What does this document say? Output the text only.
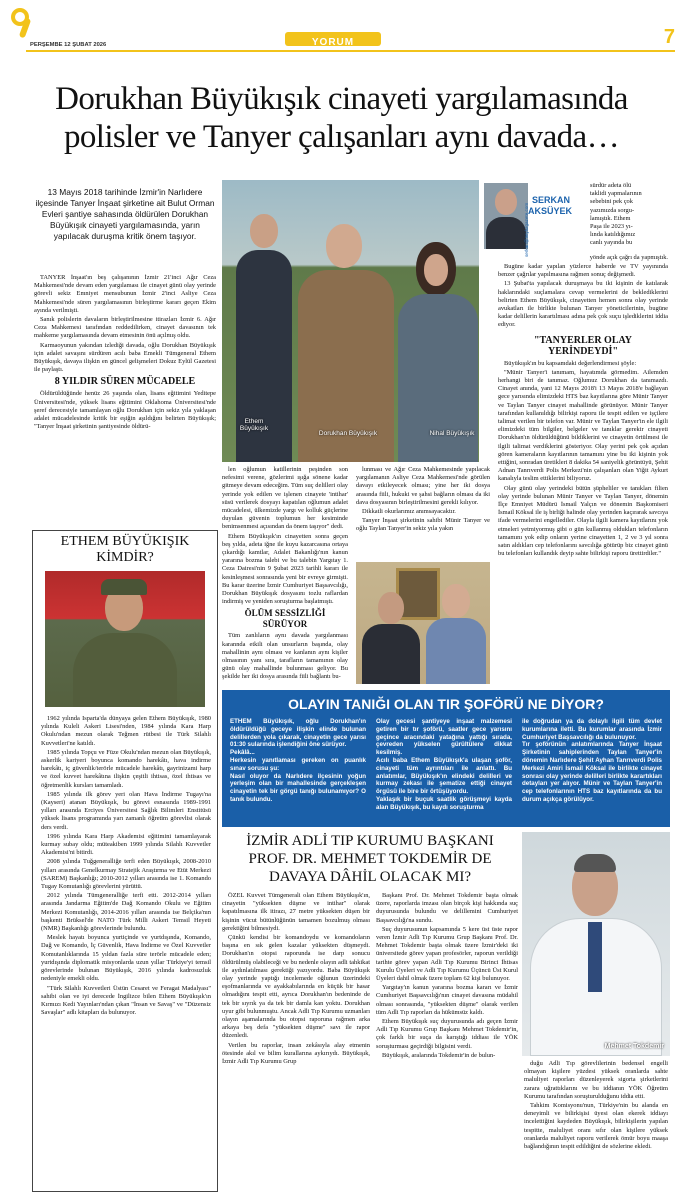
PERŞEMBE 12 ŞUBAT 2026	YORUM	7
Dorukhan Büyükışık cinayeti yargılamasında
polisler ve Tanyer çalışanları aynı davada…
13 Mayıs 2018 tarihinde İzmir'in Narlıdere ilçesinde Tanyer İnşaat şirketine ait Bulut Orman Evleri şantiye sahasında öldürülen Dorukhan Büyükışık cinayeti yargılamasında, yarın yapılacak duruşma kritik önem taşıyor.

TANYER İnşaat'ın beş çalışanının İzmir 21'inci Ağır Ceza Mahkemesi'nde devam eden yargılaması ile cinayet günü olay yerinde görevli sekiz Emniyet mensubunun İzmir 2'inci Asliye Ceza Mahkemesi'nde süren yargılamasının birleştirme kararı geçen Ekim ayında verilmişti.

Sanık polislerin davaların birleştirilmesine itirazları İzmir 6. Ağır Ceza Mahkemesi tarafından reddedilirken, cinayet davasının tek mahkeme yargılamasında devam etmesinin önü açılmış oldu.

Karmaoyunun yakından izlediği davada, oğlu Dorukhan Büyükışık için adalet savaşını sürdüren acılı baba Emekli Tümgeneral Ethem Büyükışık, davaya ilişkin en güncel gelişmeleri Dokuz Eylül Gazetesi ile paylaştı.

8 YILDIR SÜREN MÜCADELE

Öldürüldüğünde henüz 26 yaşında olan, lisans eğitimini Yeditepe Üniversitesi'nde, yüksek lisans eğitimini Oklahoma Üniversitesi'nde şeref derecesiyle tamamlayan oğlu Dorukhan için sekiz yıla yaklaşan adalet mücadelesinde kritik bir eşiğin aşıldığını belirten Büyükışık; "Tanyer İnşaat şirketinin şantiyesinde öldürü-

ETHEM BÜYÜKIŞIK
KİMDİR?

1962 yılında Isparta'da dünyaya gelen Ethem Büyükışık, 1980 yılında Kuleli Askeri Lisesi'nden, 1984 yılında Kara Harp Okulu'ndan mezun olarak Teğmen rütbesi ile Türk Silahlı Kuvvetleri'ne katıldı.

1985 yılında Topçu ve Füze Okulu'ndan mezun olan Büyükışık, askerlik kariyeri boyunca komando harekâtı, hava indirme harekâtı, iç güvenlik/terörle mücadele harekâtı, gayrinizami harp ve özel kuvvet harekâtına ilişkin çeşitli ihtisas, özel ihtisas ve öğretmenlik kursları tamamladı.

1985 yılında ilk görev yeri olan Hava İndirme Tugayı'na (Kayseri) atanan Büyükışık, bu görevi esnasında 1989-1991 yılları arasında Erciyes Üniversitesi Sağlık Bilimleri Enstitüsü yüksek lisans programında yarı zamanlı öğretim görevlisi olarak ders verdi.

1996 yılında Kara Harp Akademisi eğitimini tamamlayarak kurmay subay oldu; müteakiben 1999 yılında Silahlı Kuvvetler Akademisi'ni bitirdi.

2008 yılında Tuğgeneralliğe terfi eden Büyükışık, 2008-2010 yılları arasında Genelkurmay Stratejik Araştırma ve Etüt Merkezi (SAREM) Başkanlığı; 2010-2012 yılları arasında ise 1. Komando Tugay Komutanlığı görevlerini yürüttü.

2012 yılında Tümgeneralliğe terfi etti. 2012-2014 yılları arasında Jandarma Eğitim'de Dağ Komando Okulu ve Eğitim Merkezi Komutanlığı, 2014-2016 yılları arasında ise Belçika'nın başkenti Brüksel'de NATO Türk Milli Askeri Temsil Heyeti (NMR) Başkanlığı görevlerinde bulundu.

Meslek hayatı boyunca yurtiçinde ve yurtdışında, Komando, Dağ ve Komando, İç Güvenlik, Hava İndirme ve Özel Kuvvetler Komutanlıklarında 15 yıldan fazla süre terörle mücadele eden; yurtdışında diplomatik misyonlarda uzun yıllar Türkiye'yi temsil görevlerinde bulunan Büyükışık, 2016 yılında kadrosuzluk nedeniyle emekli oldu.

"Türk Silahlı Kuvvetleri Üstün Cesaret ve Feragat Madalyası" sahibi olan ve iyi derecede İngilizce bilen Ethem Büyükışık'ın Kırmızı Kedi Yayınları'ndan çıkan "İnsan ve Savaş" ve "Düzensiz Savaşlar" adlı kitapları da bulunuyor.

Ethem Büyükışık
Dorukhan Büyükışık	Nihal Büyükışık
SERKAN
AKSÜYEK
serkan@9eylulgazete.com
sürdür adeta ölü
taklidi yapmalarının
sebebini pek çok
yazımızda sorgu-
lamıştık. Ethem
Paşa ile 2023 yı-
lında katıldığımız
canlı yayında bu
yönde açık çağrı da yapmıştık.

Bugüne kadar yapılan yüzlerce haberde ve TV yayınında benzer çağrılar yapılmasına rağmen sonuç değişmedi.

13 Şubat'ta yapılacak duruşmaya bu iki kişinin de katılarak haklarındaki suçlamalara cevap vermelerini de beklediklerini belirten Ethem Büyükışık, cinayetten hemen sonra olay yerinde avukatları ile birlikte bulunan Tanyer yöneticilerinin, bugüne kadar delillerin karartılması adına pek çok suçu işlediklerini iddia ediyor.

"TANYERLER OLAY
YERİNDEYDİ"

Büyükışık'ın bu kapsamdaki değerlendirmesi şöyle:

"Münir Tanyer'i tanımam, hayatımda görmedim. Ailemden herhangi biri de tanımaz. Oğlumuz Dorukhan da tanımazdı. Cinayet anında, yani 12 Mayıs 2018'i 13 Mayıs 2018'e bağlayan gece yarısında elimizdeki HTS baz kayıtlarına göre Münir Tanyer ve Taylan Tanyer cinayet mahallinde görünüyor. Münir Tanyer tarafından kullanıldığı bilirkişi raporu ile tespit edilen ve işçilere talimat verilen bir telefon var. Münir ve Taylan Tanyer'in ele ilgili elimizdeki tüm bilgiler, belgeler ve tanıklar gerekir cinayeti Dorukhan'ın öldürüldüğünü bildiklerini ve cinayetin örtülmesi ile ilgili talimat verdiklerini gösteriyor. Olay yerini pek çok açıdan gören kameraların kayıtlarının tamamını yine bu iki kişinin yok ettiğini, sonradan üretikleri 8 dakika 54 saniyelik görüntüyü, Şehit Adnan Tanrıverdi Polis Merkezi'nin çalışanları olan Yiğit Aykurt kanalıyla teslim ettiklerini biliyoruz.

Olay günü olay yerindeki bütün şüpheliler ve tanıkları filien olay yerinde bulunan Münir Tanyer ve Taylan Tanyer, dönemin İlçe Emniyet Müdürü İsmail Yalçın ve dönemin Başkomiseri İsmail Köksal ile iş birliği halinde olay yerinden kaçırarak savcıya ifade vermelerini engellediler. Olayla ilgili kamera kayıtlarını yok etmeleri yetmiyormuş gibi o gün kullanmış oldukları telefonların tamamını yok edip onların yerine cinayetten 1, 2 ve 3 yıl sonra satın aldıkları cep telefonlarını savcılığa götürüp biz cinayet günü bu telefonları kullandık deyip sahte bilirkişi raporu ürettirdiler."

len oğlumun katillerinin peşinden son nefesimi verene, gözlerimi ışığa sönene kadar gitmeye devam edeceğim. Tüm suç delilleri olay yerinde yok edilen ve işlenen cinayete 'intihar' süsü verilerek dosyayı kapatılan oğlumun adalet mücadelesi, ülkemizde yargı ve kolluk güçlerine duyulan güvenin toplumun her kesiminde benimsenmesi açısından da önem taşıyor" dedi.

Ethem Büyükışık'ın cinayetten sonra geçen beş yılda, adeta iğne ile kuyu kazarcasına ortaya çıkardığı kamtlar, Adalet Bakanlığı'nın kanun yararına bozma talebi ve bu talebin Yargıtay 1. Ceza Dairesi'nin 9 Şubat 2023 tarihli kararı ile kesinleşmesi sonrasında yeni bir evreye girmişti. Bu karar üzerine İzmir Cumhuriyet Başsavcılığı, Dorukhan Büyükışık dosyasını tozlu raflardan indirmiş ve yeniden soruşturma başlatmıştı.

ÖLÜM SESSİZLİĞİ SÜRÜYOR

Tüm zanlıların aynı davada yargılanması karannda etkili olan unsurların başında, olay mahallinin aynı olması ve kanlanın aynı kişiler olmasının yanı sıra, tarafların tamamının olay günü olay mahallinde bulunması geliyor. Bu şekilde her iki dosya arasında fiili bağlantı bu-

lunması ve Ağır Ceza Mahkemesinde yapılacak yargılamanın Asliye Ceza Mahkemesi'nde görülen davayı etkileyecek olması; yine her iki dosya arasında fiili, hukuki ve şahsi bağların olması da iki dava dosyasının birleştirilmesini gerekli kılıyor.

Dikkatli okurlarımız anımsayacaktır.

Tanyer İnşaat şirketinin sahibi Münir Tanyer ve oğlu Taylan Tanyer'in sekiz yıla yakın

OLAYIN TANIĞI OLAN TIR ŞOFÖRÜ NE DİYOR?
ETHEM Büyükışık, oğlu Dorukhan'ın öldürüldüğü geceye ilişkin elinde bulunan delillerden yola çıkarak, cinayetin gece yarısı 01:30 sularında işlendiğini öne sürüyor.
Pekâlâ...
Herkesin yanıtlaması gereken on puanlık sınav sorusu şu:
Nasıl oluyor da Narlıdere ilçesinin yoğun yerleşim olan bir mahallesinde gerçekleşen cinayetin tek bir görgü tanığı bulunamıyor? O tanık bulundu.
Olay gecesi şantiyeye inşaat malzemesi getiren bir tır şoförü, saatler gece yarısını geçince aracındaki yatağına yattığı sırada, çevreden yükselen gürültülere dikkat kesilmiş.
Acılı baba Ethem Büyükışık'a ulaşan şoför, cinayeti tüm ayrıntıları ile anlattı. Bu anlatımlar, Büyükışık'ın elindeki delilleri ve kurmay zekası ile şematize ettiği cinayet örgüsü ile bire bir örtüşüyordu.
Yaklaşık bir buçuk saatlik görüşmeyi kayda alan Büyükışık, bu kaydı soruşturma
ile doğrudan ya da dolaylı ilgili tüm devlet kurumlarına iletti. Bu kurumlar arasında İzmir Cumhuriyet Başsavcılığı da bulunuyor.
Tır şoförünün anlatımlarında Tanyer İnşaat Şirketinin sahiplerinden Taylan Tanyer'in dönemin Narlıdere Şehit Ayhan Tanrıverdi Polis Merkezi Amiri İsmail Köksal ile birlikte cinayet sonrası olay yerinde delilleri birlikte karartıkları detayları yer alıyor. Münir ve Taylan Tanyer'in cep telefonlarının HTS baz kayıtlarında da bu durum açıkça görülüyor.
İZMİR ADLİ TIP KURUMU BAŞKANI
PROF. DR. MEHMET TOKDEMİR DE
DAVAYA DÂHİL OLACAK MI?
Mehmet Tokdemir

ÖZEL Kuvvet Tümgenerali olan Ethem Büyükışık'ın, cinayetin "yüksekten düşme ve intihar" olarak kapatılmasına ilk itirazı, 27 metre yüksekten düşen bir kişinin vücut bütünlüğünün tamamen bozulmuş olması gerektiğini bilmesiydi.

Çünkü kendisi bir komandoydu ve komandoların başına en sık gelen kazalar yüksekten düşmeydi. Dorukhan'ın otopsi raporunda ise darp sonucu öldürülmüş olabileceği ve bu nedenle olayın adli tahkikat ile aydınlatılması gerektiği yazıyordu. Baba Büyükışık olay yerinde yaptığı incelemede oğlunun üzerindeki eşofmanlarında ve ayakkabılarında en küçük bir hasar olmadığını tespit etti, ayrıca Dorukhan'ın bedeninde de tek bir sıyrık ya da tek bir damla kan yoktu. Dorukhan uyur gibi bulunmuştu. Ancak Adli Tıp Kurumu uzmanları olayın aşamalarında bu otopsi raporuna rağmen arka arkaya beş defa "yüksekten düşme" savı ile rapor düzenledi.

Verilen bu raporlar, insan zekâsıyla alay etmenin ötesinde akıl ve bilim kurallarına aykırıydı. Büyükışık, İzmir Adli Tıp Kurumu Grup

Başkanı Prof. Dr. Mehmet Tokdemir başta olmak üzere, raporlarda imzası olan birçok kişi hakkında suç duyurusunda bulundu ve delillemini Cumhuriyet Başsavcılığı'na sundu.

Suç duyurusunun kapsamında 5 kere üst üste rapor veren İzmir Adli Tıp Kurumu Grup Başkanı Prof. Dr. Mehmet Tokdemir başta olmak üzere İzmir'deki iki üniversitede görev yapan profesörler, raporun verildiği tarihte görev yapan Adli Tıp Kurumu Birinci İhtisas Kurulu Üyeleri ve Adli Tıp Kurumu Üçüncü Üst Kurul Üyeleri dahil olmak üzere toplam 62 kişi bulunuyor.

Yargıtay'ın kanun yararına bozma kararı ve İzmir Cumhuriyet Başsavcılığı'nın cinayet davasına müdahil olması sonrasında, "yüksekten düşme" olarak verilen tüm Adli Tıp raporları da hükümsüz kaldı.

Ethem Büyükışık suç duyurusunda adı geçen İzmir Adli Tıp Kurumu Grup Başkanı Mehmet Tokdemir'in, çok farklı bir suça da karıştığı iddiası ile YÖK soruşturması geçirdiği bilgisini verdi.

Büyükışık, aralarında Tokdemir'in de bulun-

duğu Adli Tıp görevlilerinin bedensel engelli olmayan kişilere yüzdesi yüksek oranlarda sahte maluliyet raporları düzenleyerek sigorta şirketlerini zarara uğrattıklarını ve bu iddianın YÖK Öğretim Kurumu tarafından soruşturulduğunu iddia etti.

Tahkim Komisyonu'nun, Türkiye'nin bu alanda en deneyimli ve bilirkişisi üyesi olan ekerek iddiayı incelettiğini kaydeden Büyükışık, bilirkişilerin yapılan tespitte, maluliyet oranı sıfır olan kişilere yüksek oranlarda maluliyet raporu verilerek ömür boyu maaşa bağlandığının tespit edildiğini de sözlerine ekledi.
